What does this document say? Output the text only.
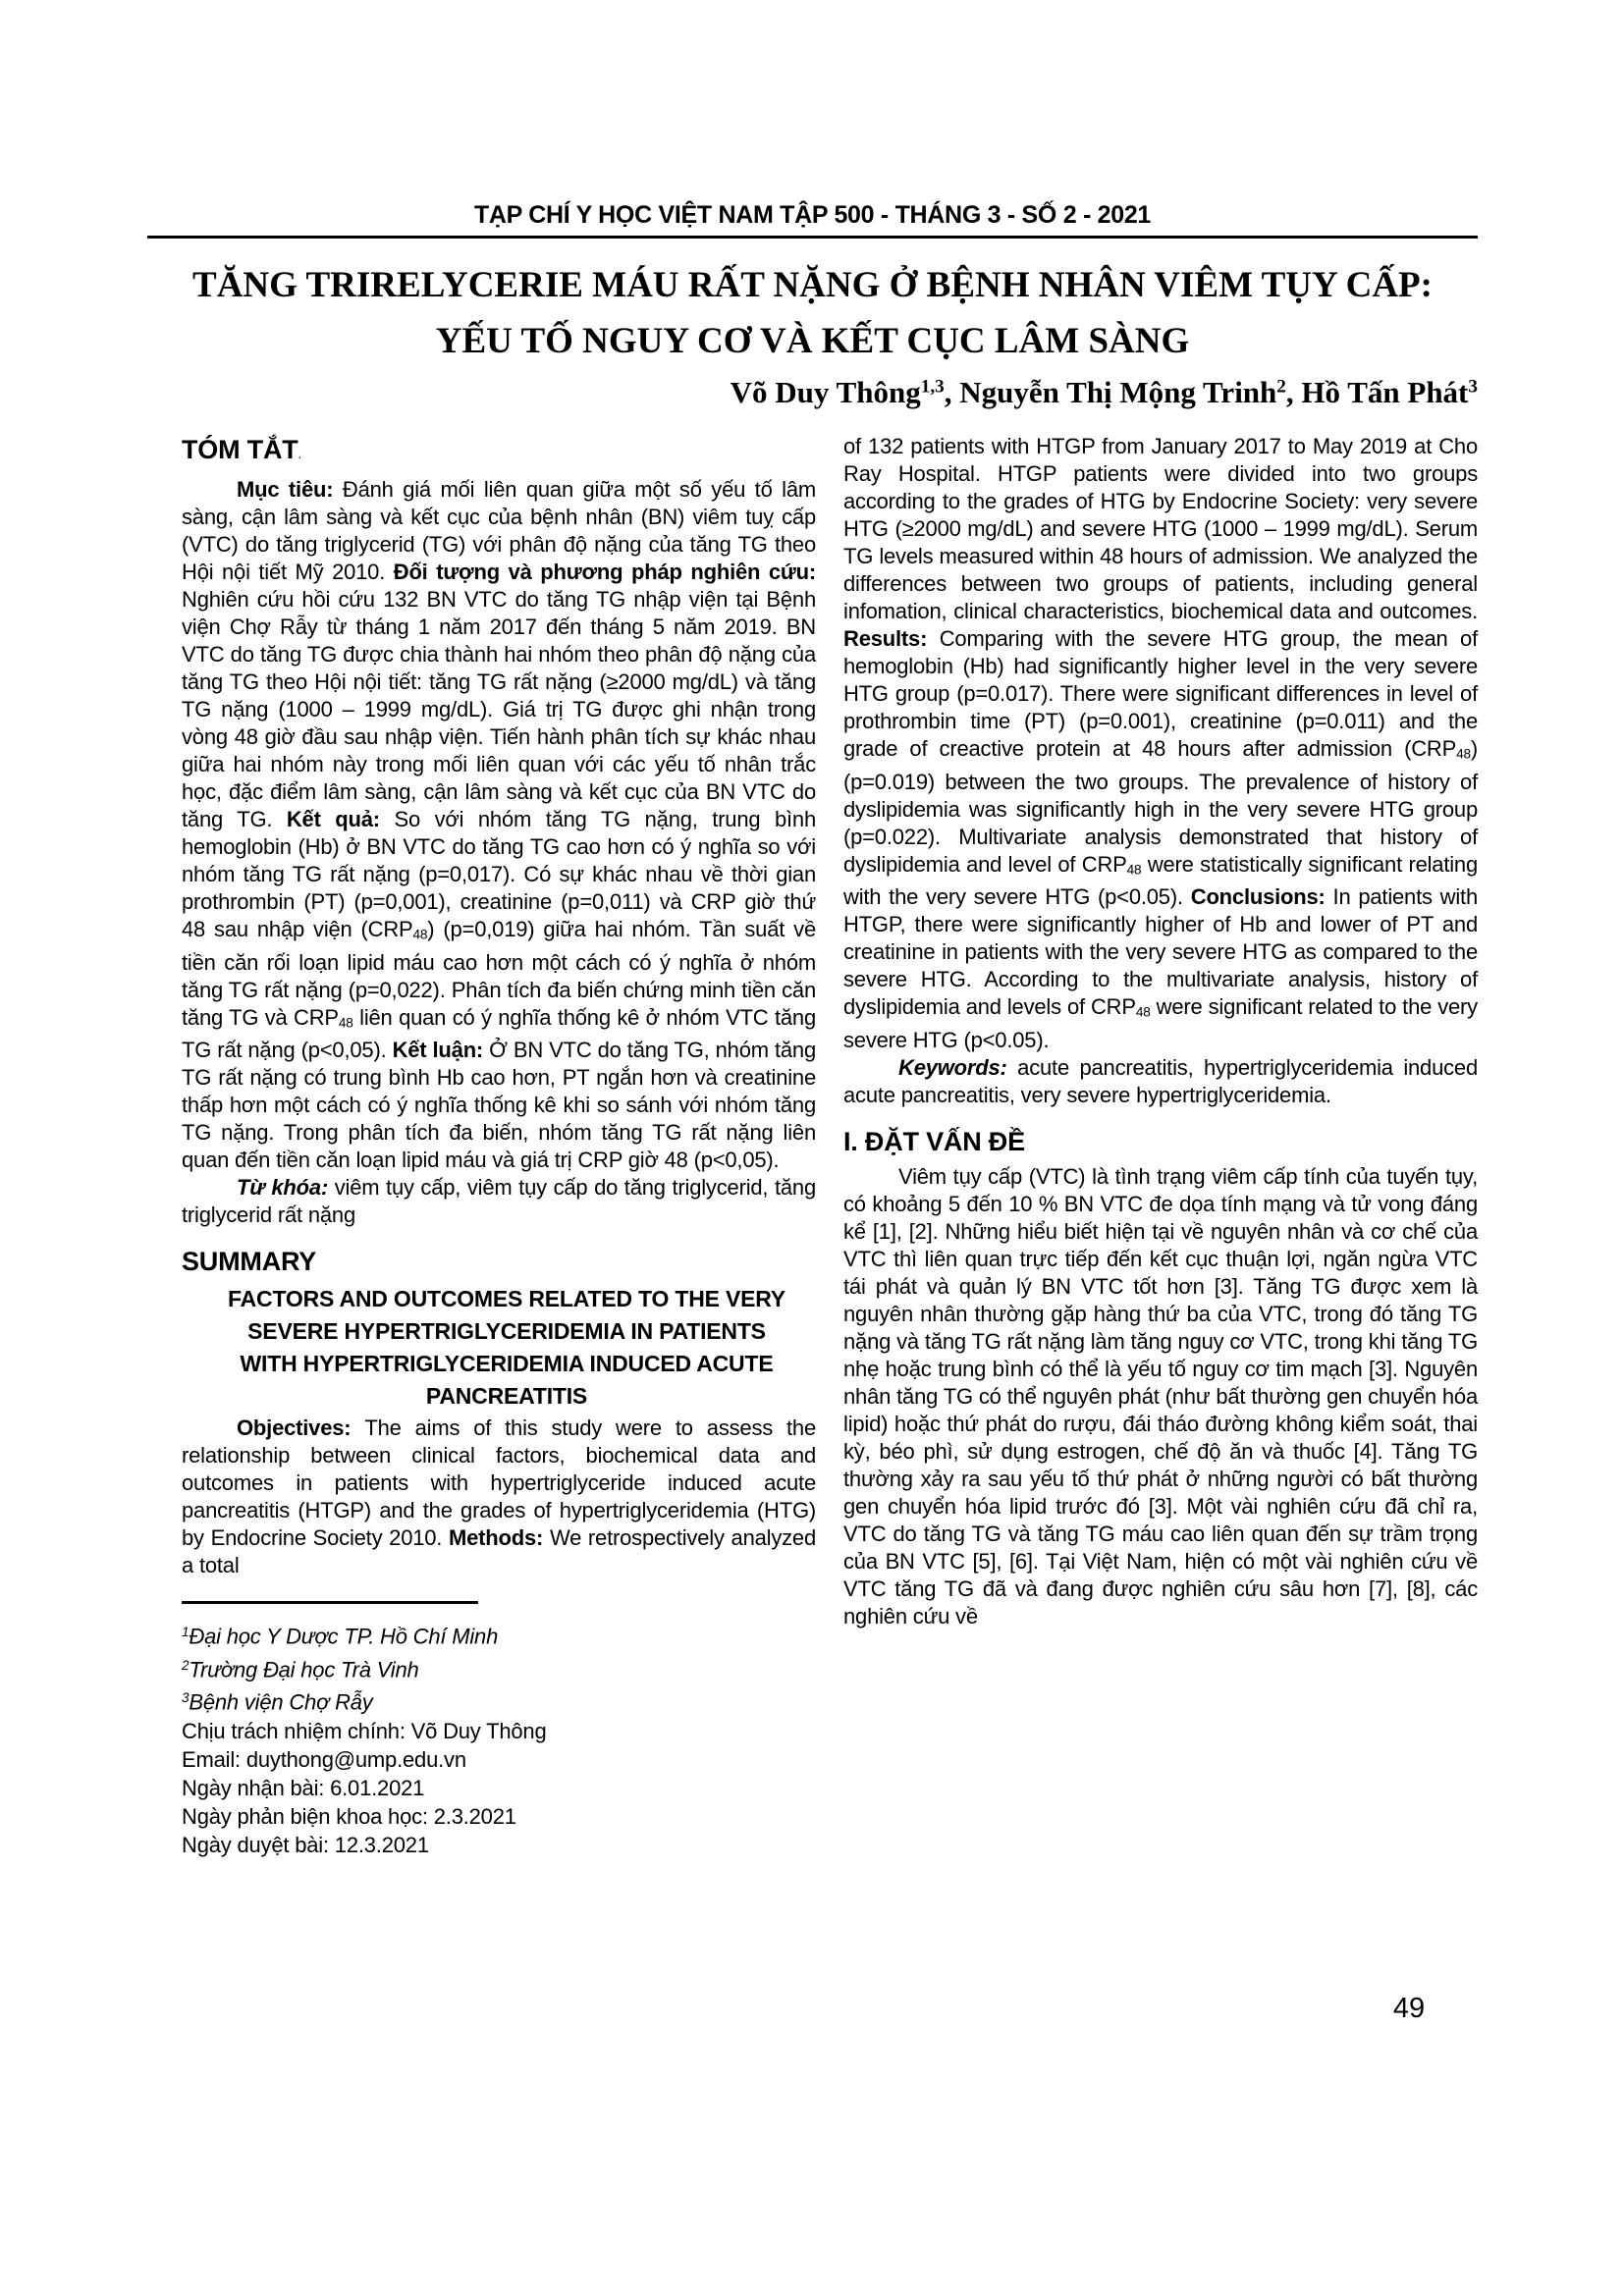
TẠP CHÍ Y HỌC VIỆT NAM TẬP 500 - THÁNG 3 - SỐ 2 - 2021
TĂNG TRIRELYCERIE MÁU RẤT NẶNG Ở BỆNH NHÂN VIÊM TỤY CẤP:
YẾU TỐ NGUY CƠ VÀ KẾT CỤC LÂM SÀNG
Võ Duy Thông$^{1,3}$, Nguyễn Thị Mộng Trinh$^2$, Hồ Tấn Phát$^3$
TÓM TẮT.

Mục tiêu: Đánh giá mối liên quan giữa một số yếu tố lâm sàng, cận lâm sàng và kết cục của bệnh nhân (BN) viêm tuỵ cấp (VTC) do tăng triglycerid (TG) với phân độ nặng của tăng TG theo Hội nội tiết Mỹ 2010. Đối tượng và phương pháp nghiên cứu: Nghiên cứu hồi cứu 132 BN VTC do tăng TG nhập viện tại Bệnh viện Chợ Rẫy từ tháng 1 năm 2017 đến tháng 5 năm 2019. BN VTC do tăng TG được chia thành hai nhóm theo phân độ nặng của tăng TG theo Hội nội tiết: tăng TG rất nặng (≥2000 mg/dL) và tăng TG nặng (1000 – 1999 mg/dL). Giá trị TG được ghi nhận trong vòng 48 giờ đầu sau nhập viện. Tiến hành phân tích sự khác nhau giữa hai nhóm này trong mối liên quan với các yếu tố nhân trắc học, đặc điểm lâm sàng, cận lâm sàng và kết cục của BN VTC do tăng TG. Kết quả: So với nhóm tăng TG nặng, trung bình hemoglobin (Hb) ở BN VTC do tăng TG cao hơn có ý nghĩa so với nhóm tăng TG rất nặng (p=0,017). Có sự khác nhau về thời gian prothrombin (PT) (p=0,001), creatinine (p=0,011) và CRP giờ thứ 48 sau nhập viện $(CRP_{48})$ (p=0,019) giữa hai nhóm. Tần suất về tiền căn rối loạn lipid máu cao hơn một cách có ý nghĩa ở nhóm tăng TG rất nặng (p=0,022). Phân tích đa biến chứng minh tiền căn tăng TG và $CRP_{48}$ liên quan có ý nghĩa thống kê ở nhóm VTC tăng TG rất nặng (p<0,05). Kết luận: Ở BN VTC do tăng TG, nhóm tăng TG rất nặng có trung bình Hb cao hơn, PT ngắn hơn và creatinine thấp hơn một cách có ý nghĩa thống kê khi so sánh với nhóm tăng TG nặng. Trong phân tích đa biến, nhóm tăng TG rất nặng liên quan đến tiền căn loạn lipid máu và giá trị CRP giờ 48 (p<0,05).

Từ khóa: viêm tụy cấp, viêm tụy cấp do tăng triglycerid, tăng triglycerid rất nặng

SUMMARY
FACTORS AND OUTCOMES RELATED TO THE VERY SEVERE HYPERTRIGLYCERIDEMIA IN PATIENTS WITH HYPERTRIGLYCERIDEMIA INDUCED ACUTE PANCREATITIS

Objectives: The aims of this study were to assess the relationship between clinical factors, biochemical data and outcomes in patients with hypertriglyceride induced acute pancreatitis (HTGP) and the grades of hypertriglyceridemia (HTG) by Endocrine Society 2010. Methods: We retrospectively analyzed a total

$^1$Đại học Y Dược TP. Hồ Chí Minh

$^2$Trường Đại học Trà Vinh

$^3$Bệnh viện Chợ Rẫy

Chịu trách nhiệm chính: Võ Duy Thông

Email: duythong@ump.edu.vn

Ngày nhận bài: 6.01.2021

Ngày phản biện khoa học: 2.3.2021

Ngày duyệt bài: 12.3.2021

of 132 patients with HTGP from January 2017 to May 2019 at Cho Ray Hospital. HTGP patients were divided into two groups according to the grades of HTG by Endocrine Society: very severe HTG (≥2000 mg/dL) and severe HTG (1000 – 1999 mg/dL). Serum TG levels measured within 48 hours of admission. We analyzed the differences between two groups of patients, including general infomation, clinical characteristics, biochemical data and outcomes. Results: Comparing with the severe HTG group, the mean of hemoglobin (Hb) had significantly higher level in the very severe HTG group (p=0.017). There were significant differences in level of prothrombin time (PT) (p=0.001), creatinine (p=0.011) and the grade of creactive protein at 48 hours after admission $(CRP_{48})$ (p=0.019) between the two groups. The prevalence of history of dyslipidemia was significantly high in the very severe HTG group (p=0.022). Multivariate analysis demonstrated that history of dyslipidemia and level of $CRP_{48}$ were statistically significant relating with the very severe HTG (p<0.05). Conclusions: In patients with HTGP, there were significantly higher of Hb and lower of PT and creatinine in patients with the very severe HTG as compared to the severe HTG. According to the multivariate analysis, history of dyslipidemia and levels of $CRP_{48}$ were significant related to the very severe HTG (p<0.05).

Keywords: acute pancreatitis, hypertriglyceridemia induced acute pancreatitis, very severe hypertriglyceridemia.

I. ĐẶT VẤN ĐỀ

Viêm tụy cấp (VTC) là tình trạng viêm cấp tính của tuyến tụy, có khoảng 5 đến 10 % BN VTC đe dọa tính mạng và tử vong đáng kể [1], [2]. Những hiểu biết hiện tại về nguyên nhân và cơ chế của VTC thì liên quan trực tiếp đến kết cục thuận lợi, ngăn ngừa VTC tái phát và quản lý BN VTC tốt hơn [3]. Tăng TG được xem là nguyên nhân thường gặp hàng thứ ba của VTC, trong đó tăng TG nặng và tăng TG rất nặng làm tăng nguy cơ VTC, trong khi tăng TG nhẹ hoặc trung bình có thể là yếu tố nguy cơ tim mạch [3]. Nguyên nhân tăng TG có thể nguyên phát (như bất thường gen chuyển hóa lipid) hoặc thứ phát do rượu, đái tháo đường không kiểm soát, thai kỳ, béo phì, sử dụng estrogen, chế độ ăn và thuốc [4]. Tăng TG thường xảy ra sau yếu tố thứ phát ở những người có bất thường gen chuyển hóa lipid trước đó [3]. Một vài nghiên cứu đã chỉ ra, VTC do tăng TG và tăng TG máu cao liên quan đến sự trầm trọng của BN VTC [5], [6]. Tại Việt Nam, hiện có một vài nghiên cứu về VTC tăng TG đã và đang được nghiên cứu sâu hơn [7], [8], các nghiên cứu về

49
